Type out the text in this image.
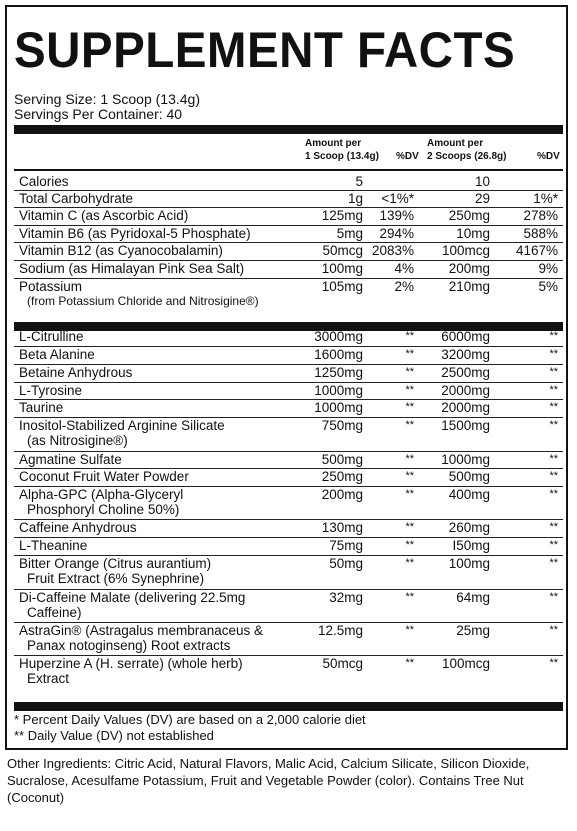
SUPPLEMENT FACTS
Serving Size: 1 Scoop (13.4g)
Servings Per Container: 40
Amount per
1 Scoop (13.4g) %DV
Amount per
2 Scoops (26.8g)	%DV
Calories	5	10
Total Carbohydrate	1g <1%*	29	1%*
Vitamin C (as Ascorbic Acid)	125mg 139%	250mg 278%
Vitamin B6 (as Pyridoxal-5 Phosphate)	5mg 294%	10mg 588%
Vitamin B12 (as Cyanocobalamin)	50mcg 2083% 100mcg 4167%
Sodium (as Himalayan Pink Sea Salt)	100mg 4%	200mg	9%
Potassium
(from Potassium Chloride and Nitrosigine®)
105mg 2%	210mg	5%
L-Citrulline	3000mg	** 6000mg	**
Beta Alanine	1600mg	** 3200mg	**
Betaine Anhydrous	1250mg	** 2500mg	**
L-Tyrosine	1000mg	** 2000mg	**
Taurine	1000mg	** 2000mg	**
Inositol-Stabilized Arginine Silicate
(as Nitrosigine®)
750mg	** 1500mg	**
Agmatine Sulfate	500mg	** 1000mg	**
Coconut Fruit Water Powder	250mg	**	500mg	**
Alpha-GPC (Alpha-Glyceryl
Phosphoryl Choline 50%)
200mg	**	400mg	**
Caffeine Anhydrous	130mg	**	260mg	**
L-Theanine	75mg	**	I50mg	**
Bitter Orange (Citrus aurantium)
Fruit Extract (6% Synephrine)
50mg	**	100mg	**
Di-Caffeine Malate (delivering 22.5mg
Caffeine)
32mg	**	64mg	**
AstraGin® (Astragalus membranaceus &
Panax notoginseng) Root extracts
12.5mg	**	25mg	**
Huperzine A (H. serrate) (whole herb)
Extract
50mcg	** 100mcg	**
* Percent Daily Values (DV) are based on a 2,000 calorie diet
** Daily Value (DV) not established
Other Ingredients: Citric Acid, Natural Flavors, Malic Acid, Calcium Silicate, Silicon Dioxide, Sucralose, Acesulfame Potassium, Fruit and Vegetable Powder (color). Contains Tree Nut (Coconut)
